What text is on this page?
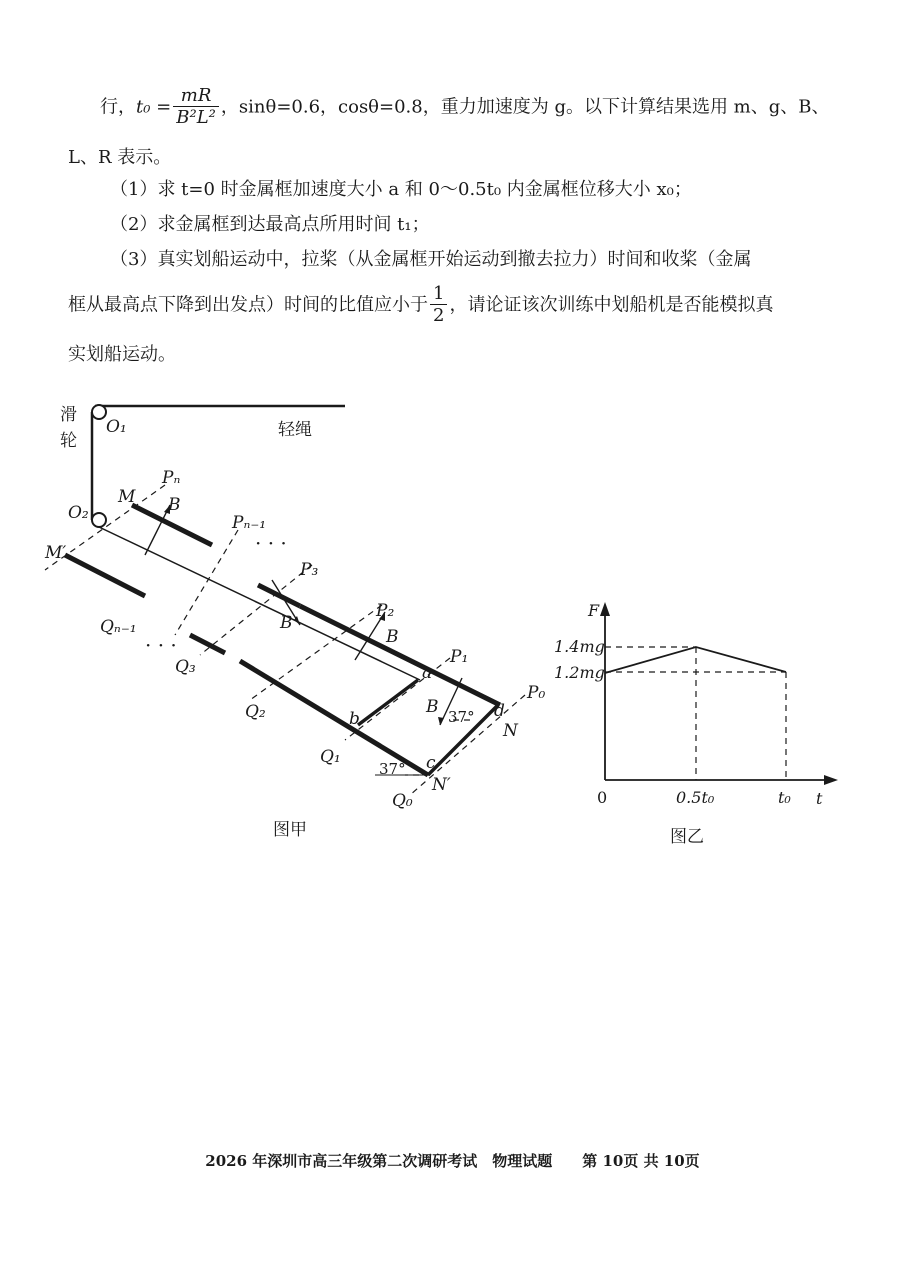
行，$t_0 = \frac{mR}{\text{B²L²}}$ ，sinθ=0.6，cosθ=0.8，重力加速度为 g。以下计算结果选用 m、g、B、
L、R 表示。
（1）求 t=0 时金属框加速度大小 a 和 0～0.5t₀ 内金属框位移大小 x₀；
（2）求金属框到达最高点所用时间 t₁；
（3）真实划船运动中，拉桨（从金属框开始运动到撤去拉力）时间和收桨（金属
框从最高点下降到出发点）时间的比值应小于 $\frac{1}{2}$ ，请论证该次训练中划船机是否能模拟真
实划船运动。
滑
轮
轻绳
O₁
O₂
M
M′
Pₙ
Pₙ₋₁
· · ·
P₃
P₂
P₁
P₀
Qₙ₋₁
· · ·
Q₃
Q₂
Q₁
Q₀
B
B
B
B
a
b
c
d
N
N′
37°
37°
图甲
F
t
0
1.4mg
1.2mg
0.5t₀	t₀
图乙
2026 年深圳市高三年级第二次调研考试　物理试题　　第 10页 共 10页
